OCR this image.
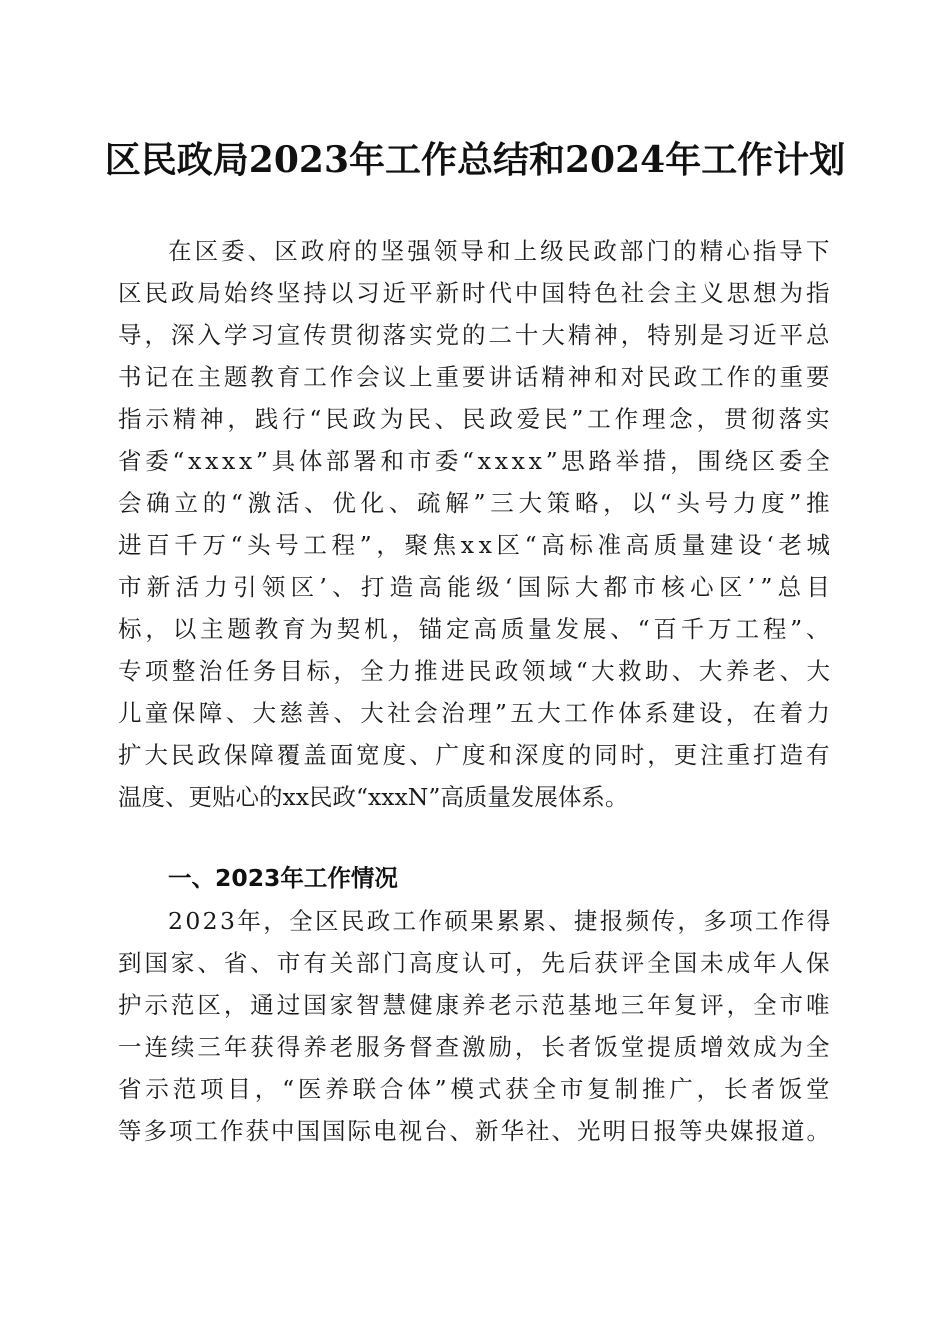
区民政局2023年工作总结和2024年工作计划
在区委、区政府的坚强领导和上级民政部门的精心指导下
区民政局始终坚持以习近平新时代中国特色社会主义思想为指
导，深入学习宣传贯彻落实党的二十大精神，特别是习近平总
书记在主题教育工作会议上重要讲话精神和对民政工作的重要
指示精神，践行“民政为民、民政爱民”工作理念，贯彻落实
省委“xxxx”具体部署和市委“xxxx”思路举措，围绕区委全
会确立的“激活、优化、疏解”三大策略，以“头号力度”推
进百千万“头号工程”，聚焦xx区“高标准高质量建设‘老城
市新活力引领区’、打造高能级‘国际大都市核心区’”总目
标，以主题教育为契机，锚定高质量发展、“百千万工程”、
专项整治任务目标，全力推进民政领域“大救助、大养老、大
儿童保障、大慈善、大社会治理”五大工作体系建设，在着力
扩大民政保障覆盖面宽度、广度和深度的同时，更注重打造有
温度、更贴心的xx民政“xxxN”高质量发展体系。
一、2023年工作情况
2023年，全区民政工作硕果累累、捷报频传，多项工作得
到国家、省、市有关部门高度认可，先后获评全国未成年人保
护示范区，通过国家智慧健康养老示范基地三年复评，全市唯
一连续三年获得养老服务督查激励，长者饭堂提质增效成为全
省示范项目，“医养联合体”模式获全市复制推广，长者饭堂
等多项工作获中国国际电视台、新华社、光明日报等央媒报道。
